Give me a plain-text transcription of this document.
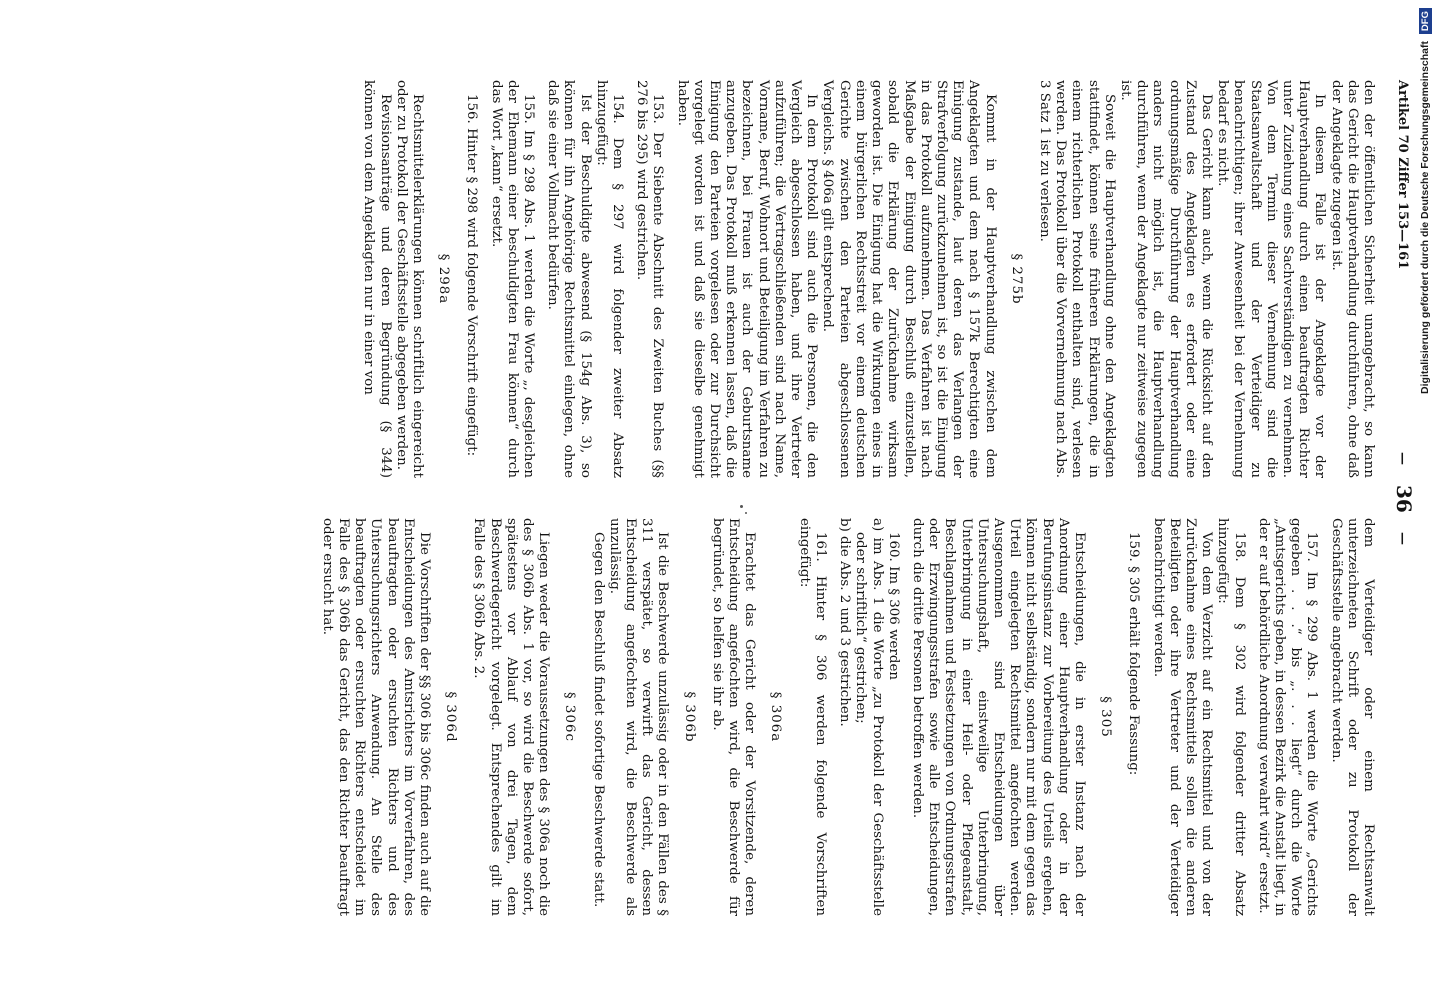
Artikel 70 Ziffer 153—161
—
36
—

den der öffentlichen Sicherheit unangebracht, so kann das Gericht die Hauptverhandlung durchführen, ohne daß der Angeklagte zugegen ist.

In diesem Falle ist der Angeklagte vor der Hauptverhandlung durch einen beauftragten Richter unter Zuziehung eines Sachverständigen zu vernehmen. Von dem Termin dieser Vernehmung sind die Staatsanwaltschaft und der Verteidiger zu benachrichtigen; ihrer Anwesenheit bei der Vernehmung bedarf es nicht.

Das Gericht kann auch, wenn die Rücksicht auf den Zustand des Angeklagten es erfordert oder eine ordnungsmäßige Durchführung der Hauptverhandlung anders nicht möglich ist, die Hauptverhandlung durchführen, wenn der Angeklagte nur zeitweise zugegen ist.

Soweit die Hauptverhandlung ohne den Angeklagten stattfindet, können seine früheren Erklärungen, die in einem richterlichen Protokoll enthalten sind, verlesen werden. Das Protokoll über die Vorvernehmung nach Abs. 3 Satz 1 ist zu verlesen.

§ 275b

Kommt in der Hauptverhandlung zwischen dem Angeklagten und dem nach § 157k Berechtigten eine Einigung zustande, laut deren das Verlangen der Strafverfolgung zurückzunehmen ist, so ist die Einigung in das Protokoll aufzunehmen. Das Verfahren ist nach Maßgabe der Einigung durch Beschluß einzustellen, sobald die Erklärung der Zurücknahme wirksam geworden ist. Die Einigung hat die Wirkungen eines in einem bürgerlichen Rechtsstreit vor einem deutschen Gerichte zwischen den Parteien abgeschlossenen Vergleichs. § 406a gilt entsprechend.

In dem Protokoll sind auch die Personen, die den Vergleich abgeschlossen haben, und ihre Vertreter aufzuführen; die Vertragschließenden sind nach Name, Vorname, Beruf, Wohnort und Beteiligung im Verfahren zu bezeichnen, bei Frauen ist auch der Geburtsname anzugeben. Das Protokoll muß erkennen lassen, daß die Einigung den Parteien vorgelesen oder zur Durchsicht vorgelegt worden ist und daß sie dieselbe genehmigt haben.

153. Der Siebente Abschnitt des Zweiten Buches (§§ 276 bis 295) wird gestrichen.

154. Dem § 297 wird folgender zweiter Absatz hinzugefügt:

Ist der Beschuldigte abwesend (§ 154g Abs. 3), so können für ihn Angehörige Rechtsmittel einlegen, ohne daß sie einer Vollmacht bedürfen.

155. Im § 298 Abs. 1 werden die Worte „, desgleichen der Ehemann einer beschuldigten Frau können“ durch das Wort „kann“ ersetzt.

156. Hinter § 298 wird folgende Vorschrift eingefügt:

§ 298a

Rechtsmittelerklärungen können schriftlich eingereicht oder zu Protokoll der Geschäftsstelle abgegeben werden.

Revisionsanträge und deren Begründung (§ 344) können von dem Angeklagten nur in einer von

dem Verteidiger oder einem Rechtsanwalt unterzeichneten Schrift oder zu Protokoll der Geschäftsstelle angebracht werden.

157. Im § 299 Abs. 1 werden die Worte „Gerichts gegeben . . .“ bis „. . . liegt“ durch die Worte „Amtsgerichts geben, in dessen Bezirk die Anstalt liegt, in der er auf behördliche Anordnung verwahrt wird“ ersetzt.

158. Dem § 302 wird folgender dritter Absatz hinzugefügt:

Von dem Verzicht auf ein Rechtsmittel und von der Zurücknahme eines Rechtsmittels sollen die anderen Beteiligten oder ihre Vertreter und der Verteidiger benachrichtigt werden.

159. § 305 erhält folgende Fassung:

§ 305

Entscheidungen, die in erster Instanz nach der Anordnung einer Hauptverhandlung oder in der Berufungsinstanz zur Vorbereitung des Urteils ergehen, können nicht selbständig, sondern nur mit dem gegen das Urteil eingelegten Rechtsmittel angefochten werden. Ausgenommen sind Entscheidungen über Untersuchungshaft, einstweilige Unterbringung, Unterbringung in einer Heil- oder Pflegeanstalt, Beschlagnahmen und Festsetzungen von Ordnungsstrafen oder Erzwingungsstrafen sowie alle Entscheidungen, durch die dritte Personen betroffen werden.

160. Im § 306 werden

a) im Abs. 1 die Worte „zu Protokoll der Geschäftsstelle oder schriftlich“ gestrichen;

b) die Abs. 2 und 3 gestrichen.

161. Hinter § 306 werden folgende Vorschriften eingefügt:

§ 306a

Erachtet das Gericht oder der Vorsitzende, deren Entscheidung angefochten wird, die Beschwerde für begründet, so helfen sie ihr ab.

§ 306b

Ist die Beschwerde unzulässig oder in den Fällen des § 311 verspätet, so verwirft das Gericht, dessen Entscheidung angefochten wird, die Beschwerde als unzulässig.

Gegen den Beschluß findet sofortige Beschwerde statt.

§ 306c

Liegen weder die Voraussetzungen des § 306a noch die des § 306b Abs. 1 vor, so wird die Beschwerde sofort, spätestens vor Ablauf von drei Tagen, dem Beschwerdegericht vorgelegt. Entsprechendes gilt im Falle des § 306b Abs. 2.

§ 306d

Die Vorschriften der §§ 306 bis 306c finden auch auf die Entscheidungen des Amtsrichters im Vorverfahren, des beauftragten oder ersuchten Richters und des Untersuchungsrichters Anwendung. An Stelle des beauftragten oder ersuchten Richters entscheidet im Falle des § 306b das Gericht, das den Richter beauftragt oder ersucht hat.

Digitalisierung gefördert durch die Deutsche Forschungsgemeinschaft DFG
